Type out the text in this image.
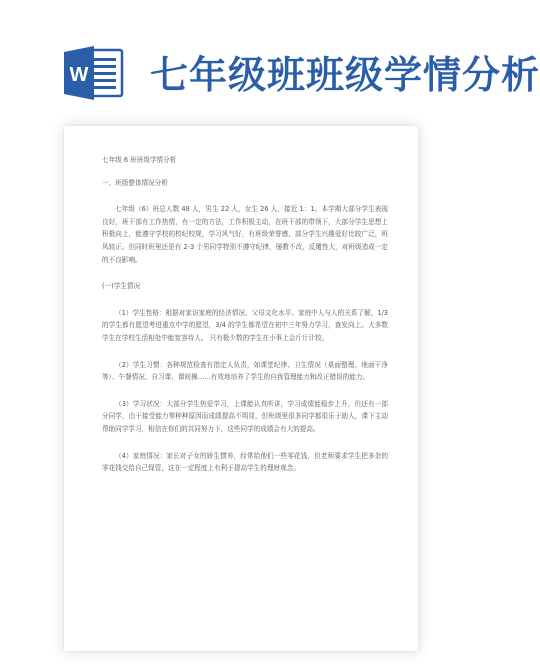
W 七年级班班级学情分析

七年级 6 班班级学情分析

一、班级整体情况分析

七年级（6）班总人数 48 人，男生 22 人，女生 26 人，接近 1：1。本学期大部分学生表现良好，班干部有工作热情，有一定的方法，工作积极主动，在班干部的带领下，大部分学生思想上积极向上，能遵守学校的校纪校规，学习风气好，有班级荣誉感，部分学生兴趣爱好比较广泛，班风较正。但同时班里还是有 2-3 个男同学特别不遵守纪律，屡教不改，反覆性大，对班级造成一定的不良影响。

(一)学生情况

（1）学生性格：根据对家访家庭的经济情况、父母文化水平、家庭中人与人的关系了解，1/3 的学生都有愿望考进重点中学的愿望，3/4 的学生都希望在初中三年努力学习，查发向上。大多数学生在学校生活相处中能宽容待人。 只有极少数的学生在小事上会斤斤计较。

（2）学生习惯：各种规范检查有指定人负责，如课堂纪律、卫生情况（桌面整理、地面干净等）、午餐情况、自习课、课间操……有效地培养了学生的自我管理能力和改正错误的能力。

（3）学习状况：大部分学生热爱学习，上课能认真听讲，学习成绩能稳步上升，但还有一部分同学，由于接受能力等种种原因而成绩提高不明显，但班级里很多同学都很乐于助人，课下主动帮助同学学习，相信在你们的共同努力下，这些同学的成绩会有大的提高。

（4）家庭情况：家长对子女的娇生惯养，经常给他们一些零花钱，但老师要求学生把多余的零花钱交给自己保管，这在一定程度上有利于提高学生的理财观念。
